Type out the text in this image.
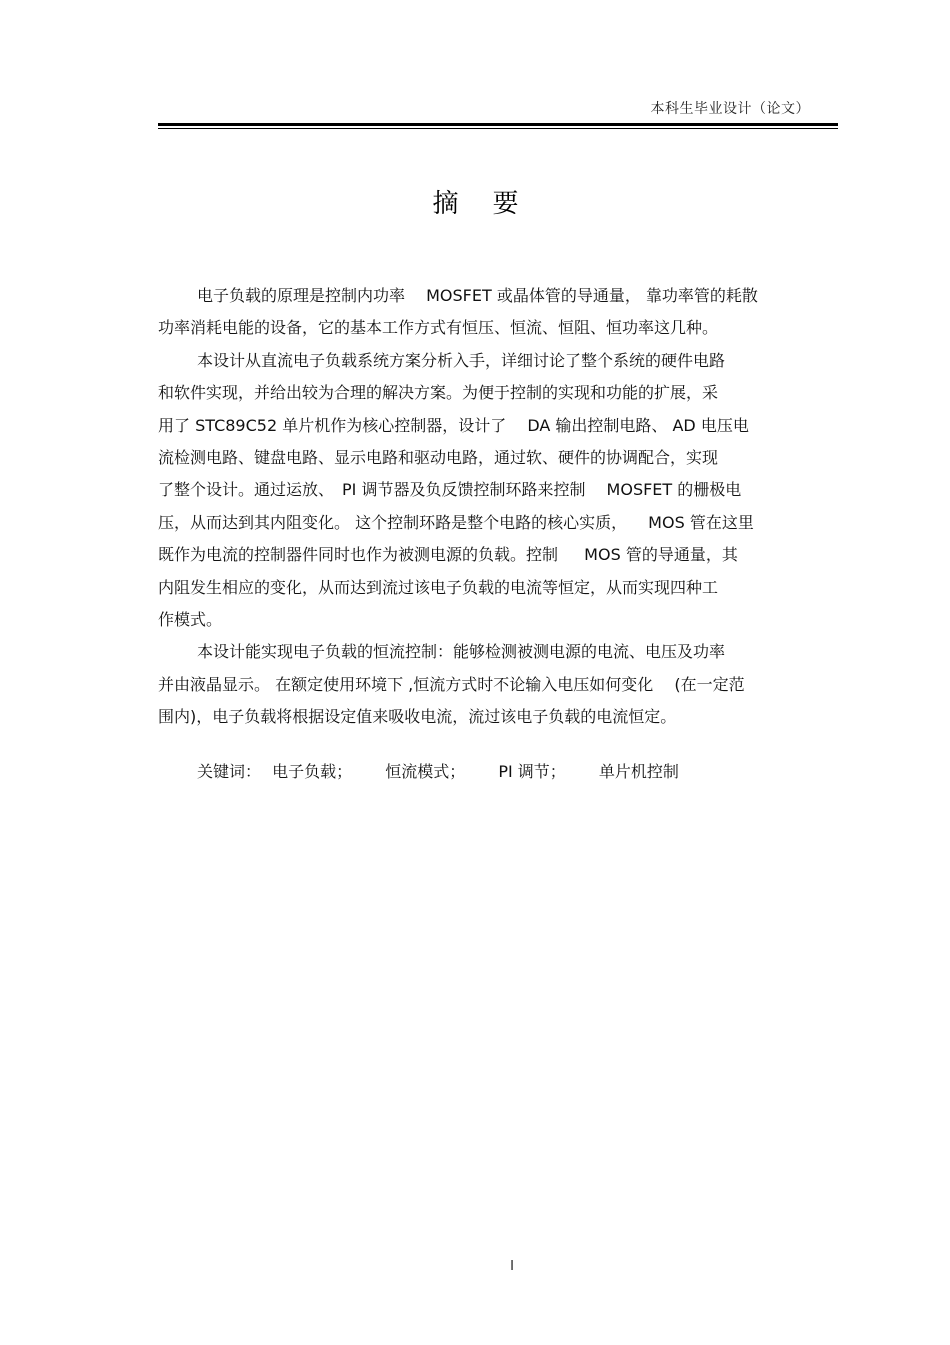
本科生毕业设计（论文）
摘要
电子负载的原理是控制内功率 　MOSFET 或晶体管的导通量， 靠功率管的耗散
功率消耗电能的设备，它的基本工作方式有恒压、恒流、恒阻、恒功率这几种。
本设计从直流电子负载系统方案分析入手，详细讨论了整个系统的硬件电路
和软件实现，并给出较为合理的解决方案。为便于控制的实现和功能的扩展，采
用了 STC89C52 单片机作为核心控制器，设计了　 DA 输出控制电路、 AD 电压电
流检测电路、键盘电路、显示电路和驱动电路，通过软、硬件的协调配合，实现
了整个设计。通过运放、　PI 调节器及负反馈控制环路来控制 　MOSFET 的栅极电
压，从而达到其内阻变化。 这个控制环路是整个电路的核心实质， 　MOS 管在这里
既作为电流的控制器件同时也作为被测电源的负载。控制 　 MOS 管的导通量，其
内阻发生相应的变化，从而达到流过该电子负载的电流等恒定，从而实现四种工
作模式。
本设计能实现电子负载的恒流控制：能够检测被测电源的电流、电压及功率
并由液晶显示。 在额定使用环境下 ,恒流方式时不论输入电压如何变化 　(在一定范
围内)，电子负载将根据设定值来吸收电流，流过该电子负载的电流恒定。
关键词： 电子负载； 恒流模式； PI 调节； 单片机控制
I
